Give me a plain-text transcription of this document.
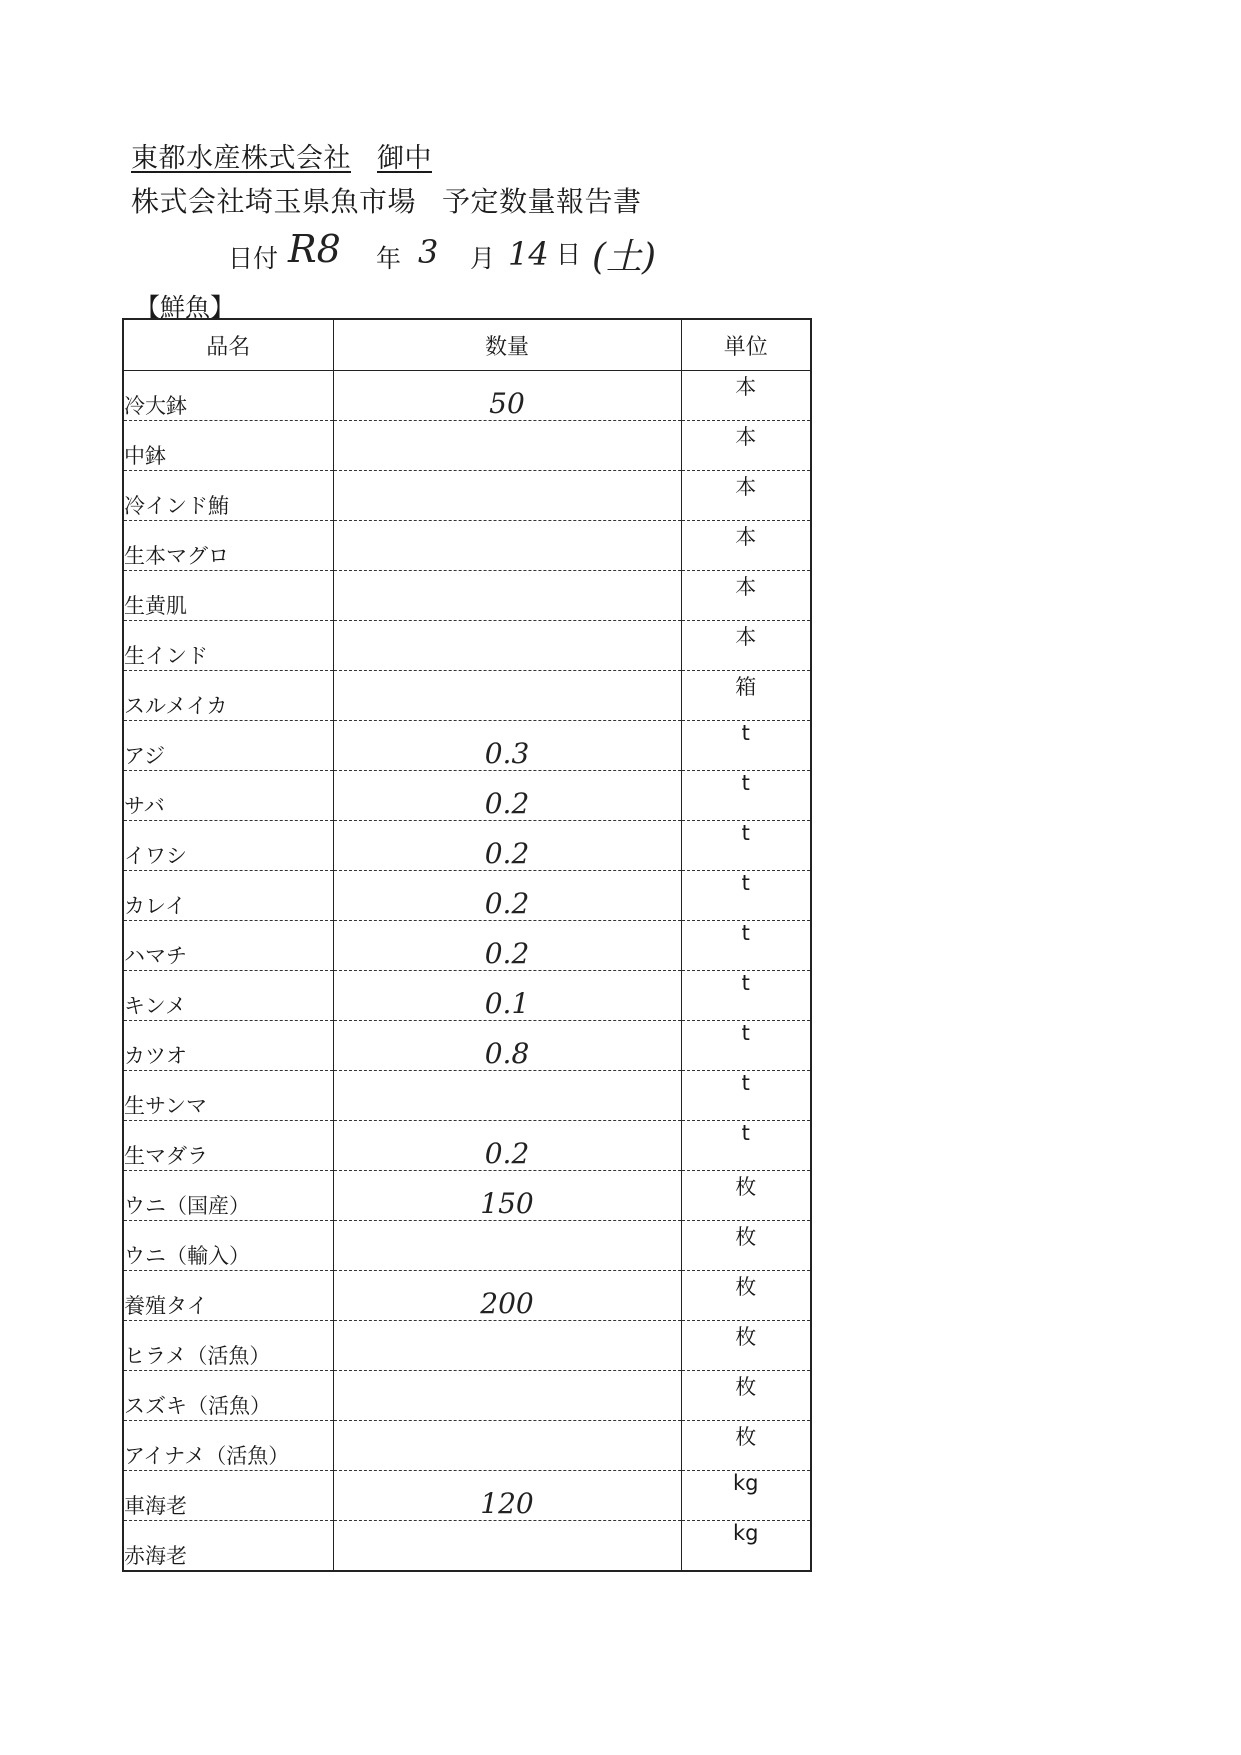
東都水産株式会社 御中
株式会社埼玉県魚市場 予定数量報告書
日付 R8 年 3 月 14 日 (土)
【鮮魚】
品名	数量	単位
冷大鉢	50	本
中鉢		本
冷インド鮪		本
生本マグロ		本
生黄肌		本
生インド		本
スルメイカ		箱
アジ	0.3	t
サバ	0.2	t
イワシ	0.2	t
カレイ	0.2	t
ハマチ	0.2	t
キンメ	0.1	t
カツオ	0.8	t
生サンマ		t
生マダラ	0.2	t
ウニ（国産）	150	枚
ウニ（輸入）		枚
養殖タイ	200	枚
ヒラメ（活魚）		枚
スズキ（活魚）		枚
アイナメ（活魚）		枚
車海老	120	kg
赤海老		kg
